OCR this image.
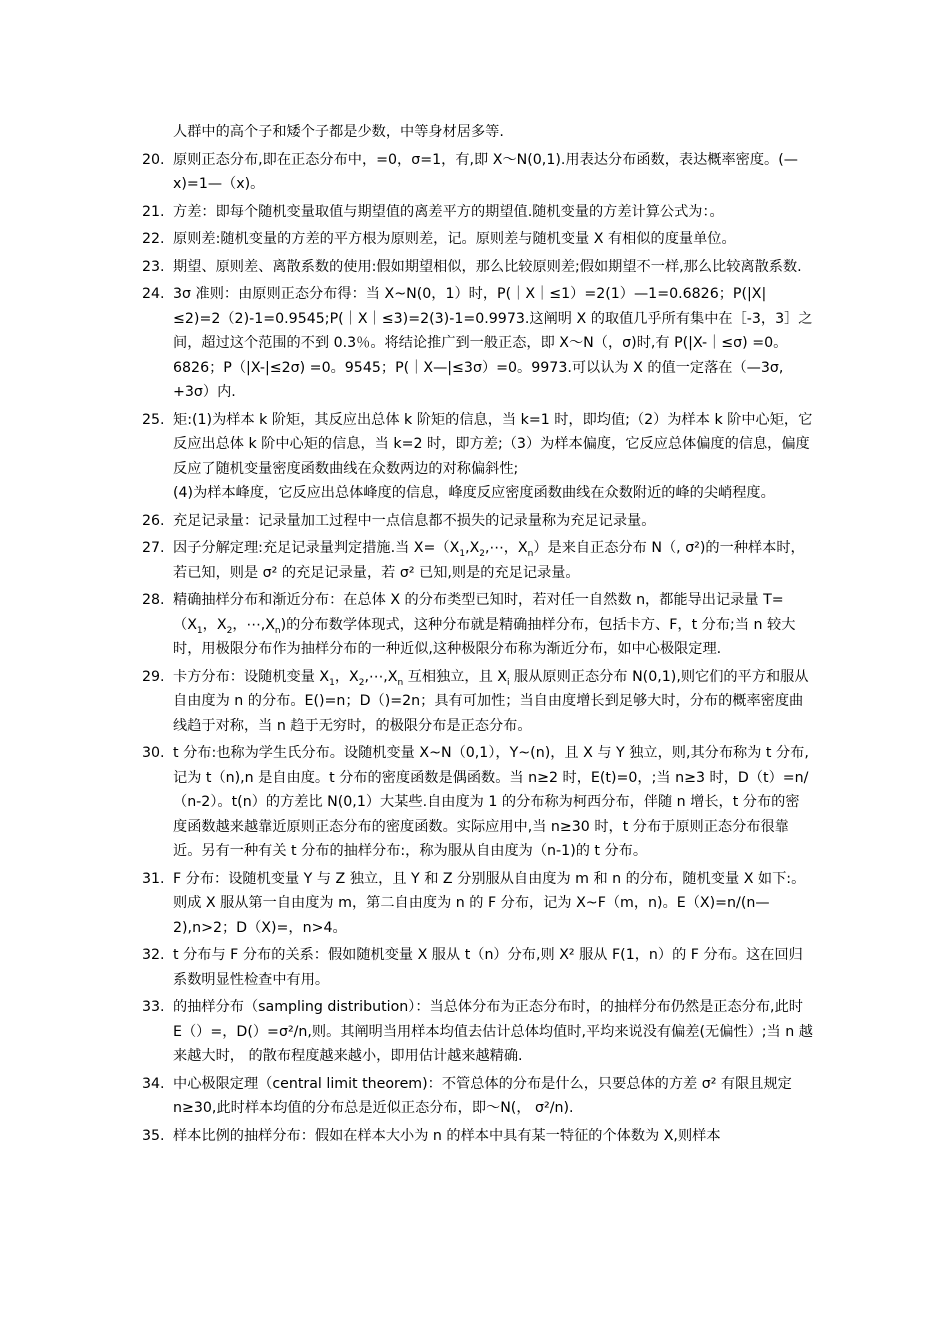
人群中的高个子和矮个子都是少数，中等身材居多等.
20. 原则正态分布,即在正态分布中，=0，σ=1，有,即 X～N(0,1).用表达分布函数，表达概率密度。(—x)=1—（x)。
21. 方差：即每个随机变量取值与期望值的离差平方的期望值.随机变量的方差计算公式为：。
22. 原则差:随机变量的方差的平方根为原则差，记。原则差与随机变量 X 有相似的度量单位。
23. 期望、原则差、离散系数的使用:假如期望相似，那么比较原则差;假如期望不一样,那么比较离散系数.
24. 3σ 准则：由原则正态分布得：当 X~N(0，1）时，P(｜X｜≤1）=2(1）—1=0.6826；P(|X|≤2)=2（2)-1=0.9545;P(｜X｜≤3)=2(3)-1=0.9973.这阐明 X 的取值几乎所有集中在［-3，3］之间，超过这个范围的不到 0.3％。将结论推广到一般正态，即 X～N（，σ)时,有 P(|X-｜≤σ) =0。6826；P（|X-|≤2σ) =0。9545；P(｜X—|≤3σ）=0。9973.可以认为 X 的值一定落在（—3σ, +3σ）内.
25. 矩:(1)为样本 k 阶矩，其反应出总体 k 阶矩的信息，当 k=1 时，即均值;（2）为样本 k 阶中心矩，它反应出总体 k 阶中心矩的信息，当 k=2 时，即方差;（3）为样本偏度，它反应总体偏度的信息，偏度反应了随机变量密度函数曲线在众数两边的对称偏斜性;
(4)为样本峰度，它反应出总体峰度的信息，峰度反应密度函数曲线在众数附近的峰的尖峭程度。
26. 充足记录量：记录量加工过程中一点信息都不损失的记录量称为充足记录量。
27. 因子分解定理:充足记录量判定措施.当 $X=(X_1,X_2,\cdots$，$X_n$）是来自正态分布 N（, σ²)的一种样本时，若已知，则是 σ² 的充足记录量，若 σ² 已知,则是的充足记录量。
28. 精确抽样分布和渐近分布：在总体 X 的分布类型已知时，若对任一自然数 n，都能导出记录量 $T=(X_1$，$X_2$，$\cdots,X_n$)的分布数学体现式，这种分布就是精确抽样分布，包括卡方、F，t 分布;当 n 较大时，用极限分布作为抽样分布的一种近似,这种极限分布称为渐近分布，如中心极限定理.
29. 卡方分布：设随机变量 $X_1$，$X_2,\cdots,X_n$ 互相独立，且 $X_i$ 服从原则正态分布 N(0,1),则它们的平方和服从自由度为 n 的分布。E()=n；D（)=2n；具有可加性；当自由度增长到足够大时，分布的概率密度曲线趋于对称，当 n 趋于无穷时，的极限分布是正态分布。
30. t 分布:也称为学生氏分布。设随机变量 X~N（0,1），Y~(n)，且 X 与 Y 独立，则,其分布称为 t 分布,记为 t（n),n 是自由度。t 分布的密度函数是偶函数。当 n≥2 时，E(t)=0，;当 n≥3 时，D（t）=n/（n-2）。t(n）的方差比 N(0,1）大某些.自由度为 1 的分布称为柯西分布，伴随 n 增长，t 分布的密度函数越来越靠近原则正态分布的密度函数。实际应用中,当 n≥30 时，t 分布于原则正态分布很靠近。另有一种有关 t 分布的抽样分布:，称为服从自由度为（n-1)的 t 分布。
31. F 分布：设随机变量 Y 与 Z 独立，且 Y 和 Z 分别服从自由度为 m 和 n 的分布，随机变量 X 如下:。则成 X 服从第一自由度为 m，第二自由度为 n 的 F 分布，记为 X~F（m，n)。E（X)=n/(n—2),n>2；D（X)=，n>4。
32. t 分布与 F 分布的关系：假如随机变量 X 服从 t（n）分布,则 X² 服从 F(1，n）的 F 分布。这在回归系数明显性检查中有用。
33. 的抽样分布（sampling distribution）：当总体分布为正态分布时，的抽样分布仍然是正态分布,此时 E（）=，D(）=σ²/n,则。其阐明当用样本均值去估计总体均值时,平均来说没有偏差(无偏性）;当 n 越来越大时， 的散布程度越来越小，即用估计越来越精确.
34. 中心极限定理（central limit theorem)：不管总体的分布是什么，只要总体的方差 σ² 有限且规定 n≥30,此时样本均值的分布总是近似正态分布，即～N(， σ²/n).
35. 样本比例的抽样分布：假如在样本大小为 n 的样本中具有某一特征的个体数为 X,则样本
